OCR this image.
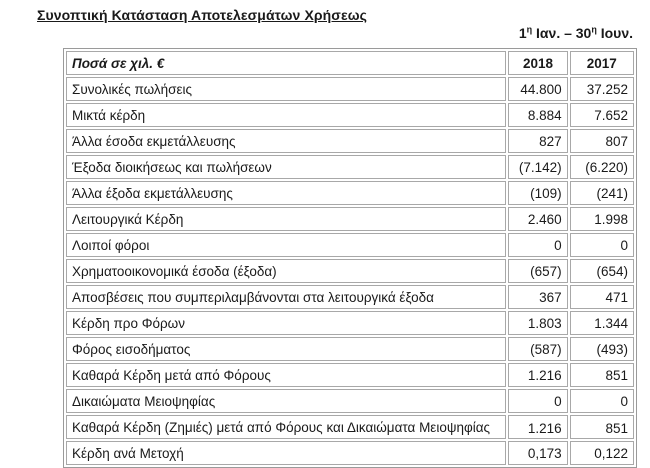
Συνοπτική Κατάσταση Αποτελεσμάτων Χρήσεως
$1^\eta$ Ιαν. – $30^\eta$ Ιουν.
Ποσά σε χιλ. €	2018	2017
Συνολικές πωλήσεις	44.800	37.252
Μικτά κέρδη	8.884	7.652
Άλλα έσοδα εκμετάλλευσης	827	807
Έξοδα διοικήσεως και πωλήσεων	(7.142)	(6.220)
Άλλα έξοδα εκμετάλλευσης	(109)	(241)
Λειτουργικά Κέρδη	2.460	1.998
Λοιποί φόροι	0	0
Χρηματοοικονομικά έσοδα (έξοδα)	(657)	(654)
Αποσβέσεις που συμπεριλαμβάνονται στα λειτουργικά έξοδα	367	471
Κέρδη προ Φόρων	1.803	1.344
Φόρος εισοδήματος	(587)	(493)
Καθαρά Κέρδη μετά από Φόρους	1.216	851
Δικαιώματα Μειοψηφίας	0	0
Καθαρά Κέρδη (Ζημιές) μετά από Φόρους και Δικαιώματα Μειοψηφίας	1.216	851
Κέρδη ανά Μετοχή	0,173	0,122
